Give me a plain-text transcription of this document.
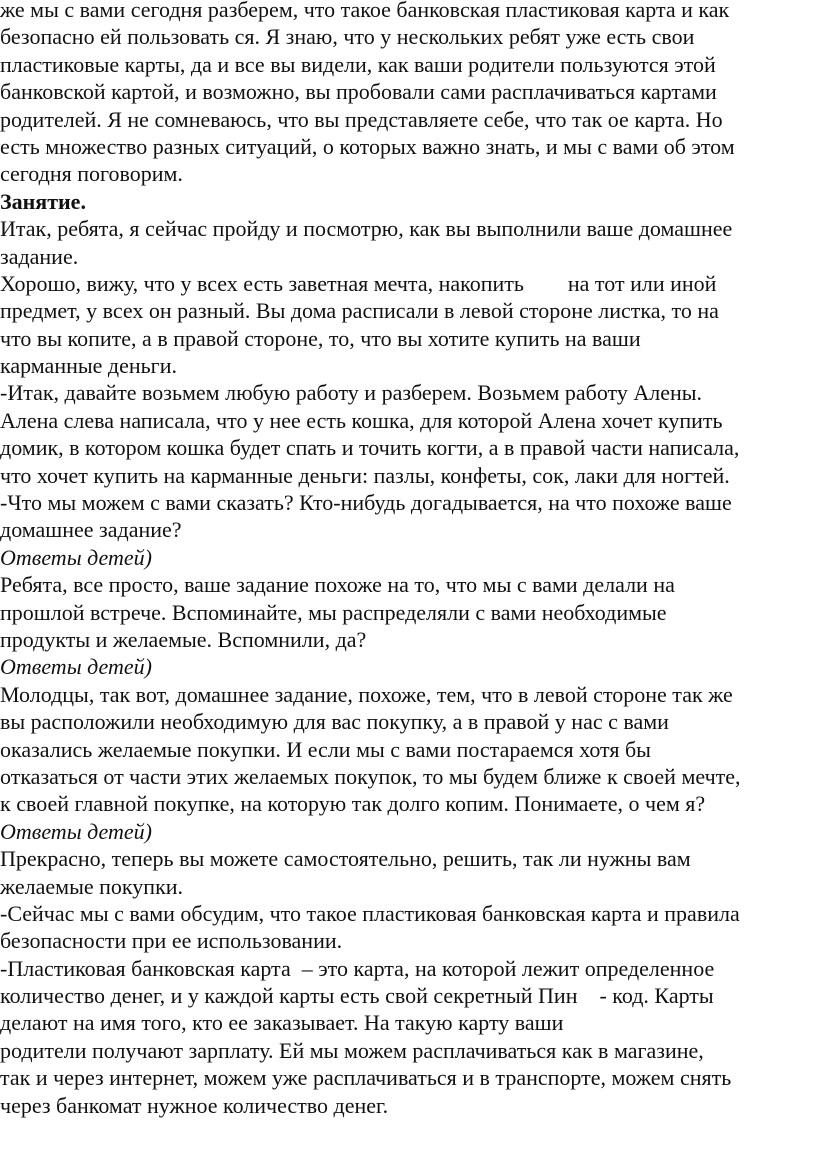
же мы с вами сегодня разберем, что такое банковская пластиковая карта и как
безопасно ей пользовать ся. Я знаю, что у нескольких ребят уже есть свои
пластиковые карты, да и все вы видели, как ваши родители пользуются этой
банковской картой, и возможно, вы пробовали сами расплачиваться картами
родителей. Я не сомневаюсь, что вы представляете себе, что так ое карта. Но
есть множество разных ситуаций, о которых важно знать, и мы с вами об этом
сегодня поговорим.
Занятие.
Итак, ребята, я сейчас пройду и посмотрю, как вы выполнили ваше домашнее
задание.
Хорошо, вижу, что у всех есть заветная мечта, накопить        на тот или иной
предмет, у всех он разный. Вы дома расписали в левой стороне листка, то на
что вы копите, а в правой стороне, то, что вы хотите купить на ваши
карманные деньги.
-Итак, давайте возьмем любую работу и разберем. Возьмем работу Алены.
Алена слева написала, что у нее есть кошка, для которой Алена хочет купить
домик, в котором кошка будет спать и точить когти, а в правой части написала,
что хочет купить на карманные деньги: пазлы, конфеты, сок, лаки для ногтей.
-Что мы можем с вами сказать? Кто-нибудь догадывается, на что похоже ваше
домашнее задание?
Ответы детей)
Ребята, все просто, ваше задание похоже на то, что мы с вами делали на
прошлой встрече. Вспоминайте, мы распределяли с вами необходимые
продукты и желаемые. Вспомнили, да?
Ответы детей)
Молодцы, так вот, домашнее задание, похоже, тем, что в левой стороне так же
вы расположили необходимую для вас покупку, а в правой у нас с вами
оказались желаемые покупки. И если мы с вами постараемся хотя бы
отказаться от части этих желаемых покупок, то мы будем ближе к своей мечте,
к своей главной покупке, на которую так долго копим. Понимаете, о чем я?
Ответы детей)
Прекрасно, теперь вы можете самостоятельно, решить, так ли нужны вам
желаемые покупки.
-Сейчас мы с вами обсудим, что такое пластиковая банковская карта и правила
безопасности при ее использовании.
-Пластиковая банковская карта  – это карта, на которой лежит определенное
количество денег, и у каждой карты есть свой секретный Пин    - код. Карты
делают на имя того, кто ее заказывает. На такую карту ваши
родители получают зарплату. Ей мы можем расплачиваться как в магазине,
так и через интернет, можем уже расплачиваться и в транспорте, можем снять
через банкомат нужное количество денег.
